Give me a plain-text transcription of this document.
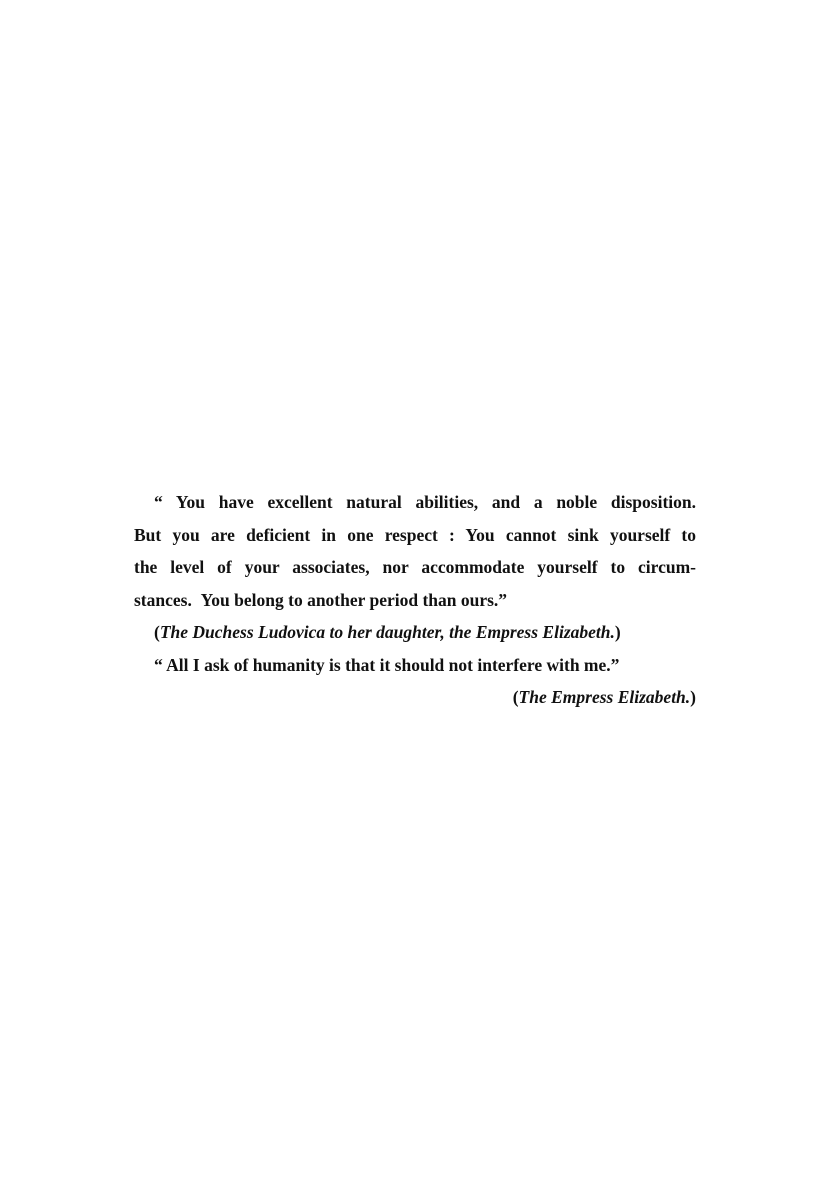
“ You have excellent natural abilities, and a noble disposition.
But you are deficient in one respect : You cannot sink yourself to
the level of your associates, nor accommodate yourself to circum-
stances. You belong to another period than ours.”
(The Duchess Ludovica to her daughter, the Empress Elizabeth.)
“ All I ask of humanity is that it should not interfere with me.”
(The Empress Elizabeth.)
